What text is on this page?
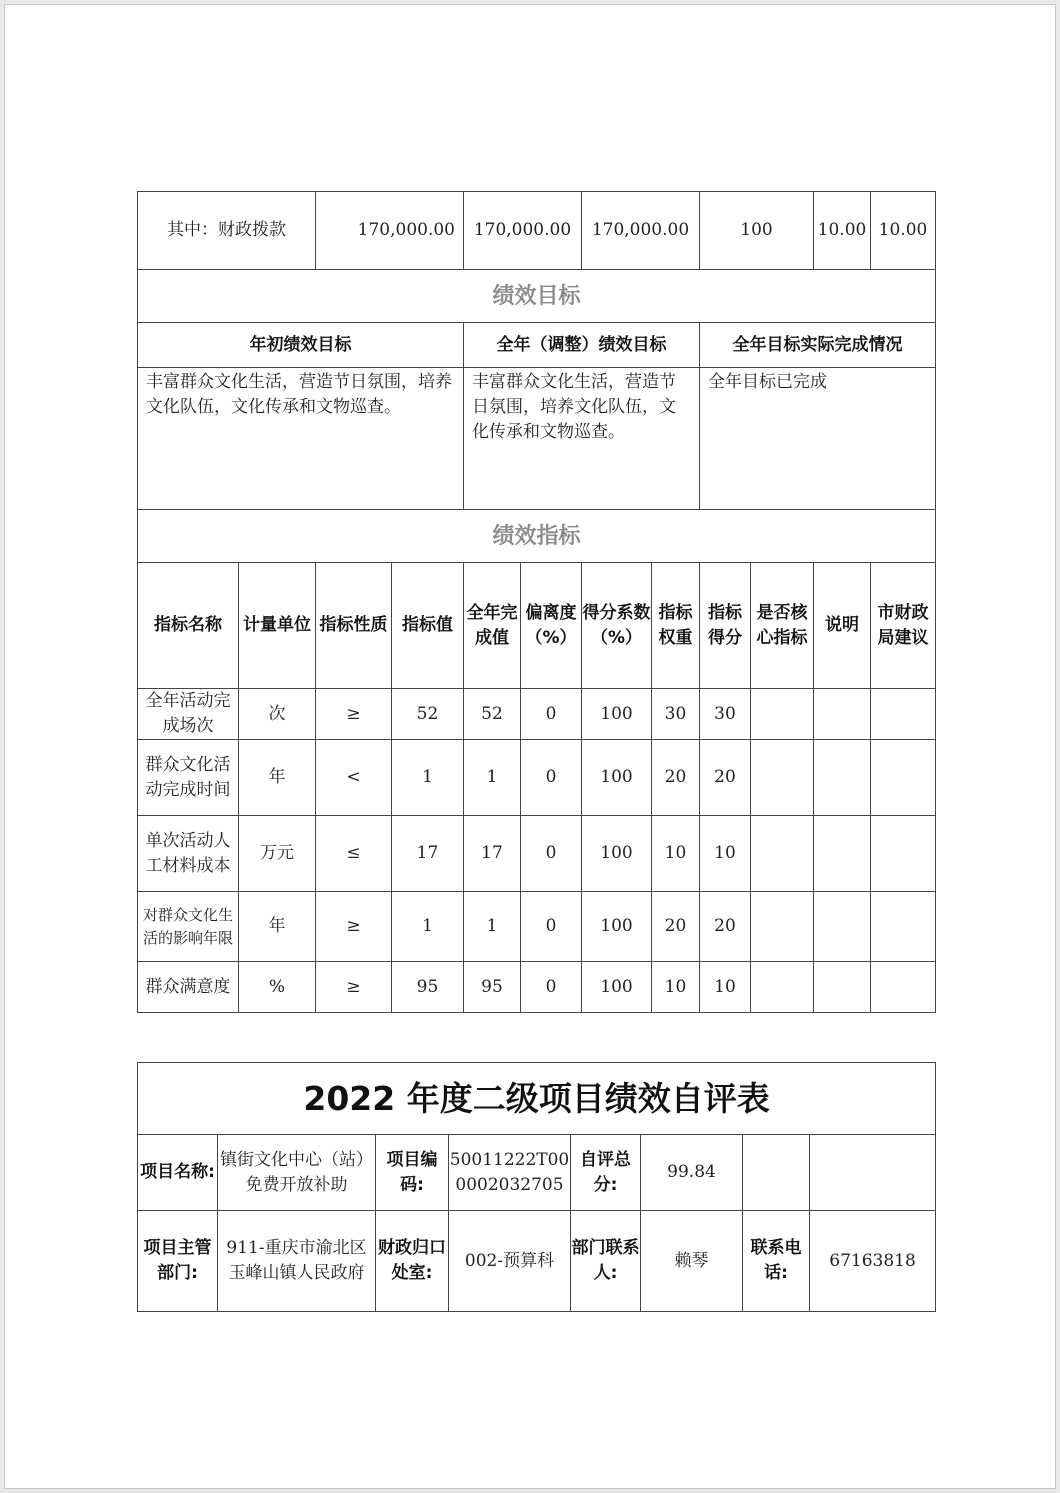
其中：财政拨款		170,000.00		170,000.00		170,000.00		100		10.00	10.00
绩效目标											
年初绩效目标				全年（调整）绩效目标				全年目标实际完成情况			
丰富群众文化生活，营造节日氛围，培养文化队伍，文化传承和文物巡查。				丰富群众文化生活，营造节日氛围，培养文化队伍，文化传承和文物巡查。				全年目标已完成			
绩效指标											
指标名称	计量单位	指标性质	指标值	全年完成值	偏离度（%）	得分系数（%）	指标权重	指标得分	是否核心指标	说明	市财政局建议
全年活动完成场次	次	≥	52	52	0	100	30	30			
群众文化活动完成时间	年	<	1	1	0	100	20	20			
单次活动人工材料成本	万元	≤	17	17	0	100	10	10			
对群众文化生活的影响年限	年	≥	1	1	0	100	20	20			
群众满意度	%	≥	95	95	0	100	10	10			
2022 年度二级项目绩效自评表							
项目名称:	镇街文化中心（站）免费开放补助	项目编码:	50011222T000002032705	自评总分:	99.84		
项目主管部门:	911-重庆市渝北区玉峰山镇人民政府	财政归口处室:	002-预算科	部门联系人:	赖琴	联系电话:	67163818
